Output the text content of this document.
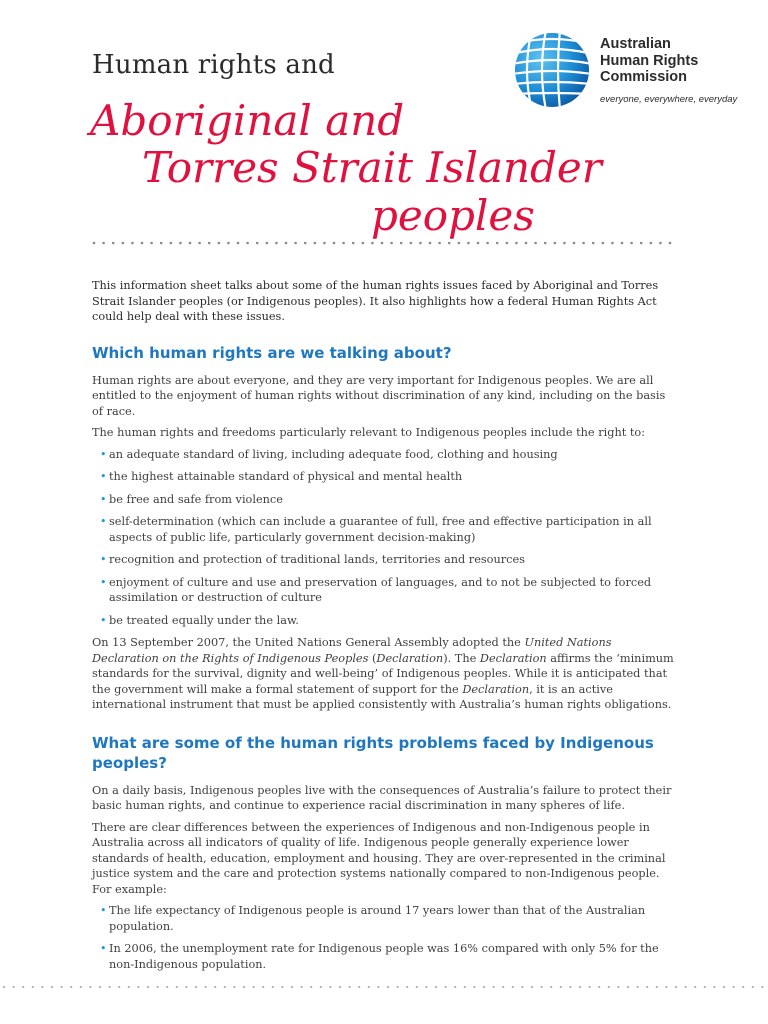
Human rights and
Aboriginal and
Torres Strait Islander
peoples
Australian
Human Rights
Commission
everyone, everywhere, everyday

This information sheet talks about some of the human rights issues faced by Aboriginal and Torres Strait Islander peoples (or Indigenous peoples). It also highlights how a federal Human Rights Act could help deal with these issues.

Which human rights are we talking about?

Human rights are about everyone, and they are very important for Indigenous peoples. We are all entitled to the enjoyment of human rights without discrimination of any kind, including on the basis of race.

The human rights and freedoms particularly relevant to Indigenous peoples include the right to:

• an adequate standard of living, including adequate food, clothing and housing
• the highest attainable standard of physical and mental health
• be free and safe from violence
• self-determination (which can include a guarantee of full, free and effective participation in all aspects of public life, particularly government decision-making)
• recognition and protection of traditional lands, territories and resources
• enjoyment of culture and use and preservation of languages, and to not be subjected to forced assimilation or destruction of culture
• be treated equally under the law.

On 13 September 2007, the United Nations General Assembly adopted the United Nations Declaration on the Rights of Indigenous Peoples (Declaration). The Declaration affirms the ‘minimum standards for the survival, dignity and well-being’ of Indigenous peoples. While it is anticipated that the government will make a formal statement of support for the Declaration, it is an active international instrument that must be applied consistently with Australia’s human rights obligations.

What are some of the human rights problems faced by Indigenous peoples?

On a daily basis, Indigenous peoples live with the consequences of Australia’s failure to protect their basic human rights, and continue to experience racial discrimination in many spheres of life.

There are clear differences between the experiences of Indigenous and non-Indigenous people in Australia across all indicators of quality of life. Indigenous people generally experience lower standards of health, education, employment and housing. They are over-represented in the criminal justice system and the care and protection systems nationally compared to non-Indigenous people. For example:

• The life expectancy of Indigenous people is around 17 years lower than that of the Australian population.
• In 2006, the unemployment rate for Indigenous people was 16% compared with only 5% for the non-Indigenous population.
